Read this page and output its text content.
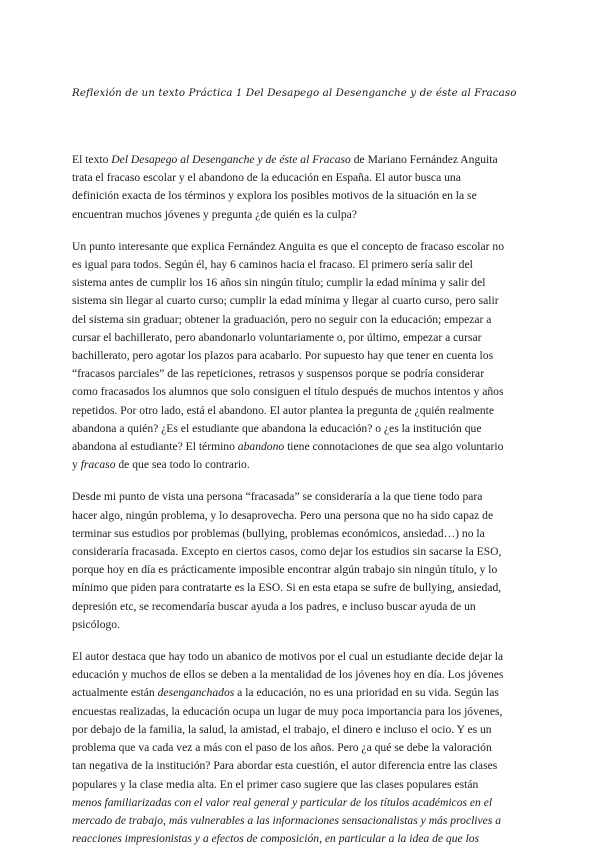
Reflexión de un texto Práctica 1 Del Desapego al Desenganche y de éste al Fracaso

El texto Del Desapego al Desenganche y de éste al Fracaso de Mariano Fernández Anguita
trata el fracaso escolar y el abandono de la educación en España. El autor busca una
definición exacta de los términos y explora los posibles motivos de la situación en la se
encuentran muchos jóvenes y pregunta ¿de quién es la culpa?

Un punto interesante que explica Fernández Anguita es que el concepto de fracaso escolar no
es igual para todos. Según él, hay 6 caminos hacia el fracaso. El primero sería salir del
sistema antes de cumplir los 16 años sin ningún título; cumplir la edad mínima y salir del
sistema sin llegar al cuarto curso; cumplir la edad mínima y llegar al cuarto curso, pero salir
del sistema sin graduar; obtener la graduación, pero no seguir con la educación; empezar a
cursar el bachillerato, pero abandonarlo voluntariamente o, por último, empezar a cursar
bachillerato, pero agotar los plazos para acabarlo. Por supuesto hay que tener en cuenta los
“fracasos parciales” de las repeticiones, retrasos y suspensos porque se podría considerar
como fracasados los alumnos que solo consiguen el título después de muchos intentos y años
repetidos. Por otro lado, está el abandono. El autor plantea la pregunta de ¿quién realmente
abandona a quién? ¿Es el estudiante que abandona la educación? o ¿es la institución que
abandona al estudiante? El término abandono tiene connotaciones de que sea algo voluntario
y fracaso de que sea todo lo contrario.

Desde mi punto de vista una persona “fracasada” se consideraría a la que tiene todo para
hacer algo, ningún problema, y lo desaprovecha. Pero una persona que no ha sido capaz de
terminar sus estudios por problemas (bullying, problemas económicos, ansiedad…) no la
consideraría fracasada. Excepto en ciertos casos, como dejar los estudios sin sacarse la ESO,
porque hoy en día es prácticamente imposible encontrar algún trabajo sin ningún título, y lo
mínimo que piden para contratarte es la ESO. Si en esta etapa se sufre de bullying, ansiedad,
depresión etc, se recomendaría buscar ayuda a los padres, e incluso buscar ayuda de un
psicólogo.

El autor destaca que hay todo un abanico de motivos por el cual un estudiante decide dejar la
educación y muchos de ellos se deben a la mentalidad de los jóvenes hoy en día. Los jóvenes
actualmente están desenganchados a la educación, no es una prioridad en su vida. Según las
encuestas realizadas, la educación ocupa un lugar de muy poca importancia para los jóvenes,
por debajo de la familia, la salud, la amistad, el trabajo, el dinero e incluso el ocio. Y es un
problema que va cada vez a más con el paso de los años. Pero ¿a qué se debe la valoración
tan negativa de la institución? Para abordar esta cuestión, el autor diferencia entre las clases
populares y la clase media alta. En el primer caso sugiere que las clases populares están
menos familiarizadas con el valor real general y particular de los títulos académicos en el
mercado de trabajo, más vulnerables a las informaciones sensacionalistas y más proclives a
reacciones impresionistas y a efectos de composición, en particular a la idea de que los
